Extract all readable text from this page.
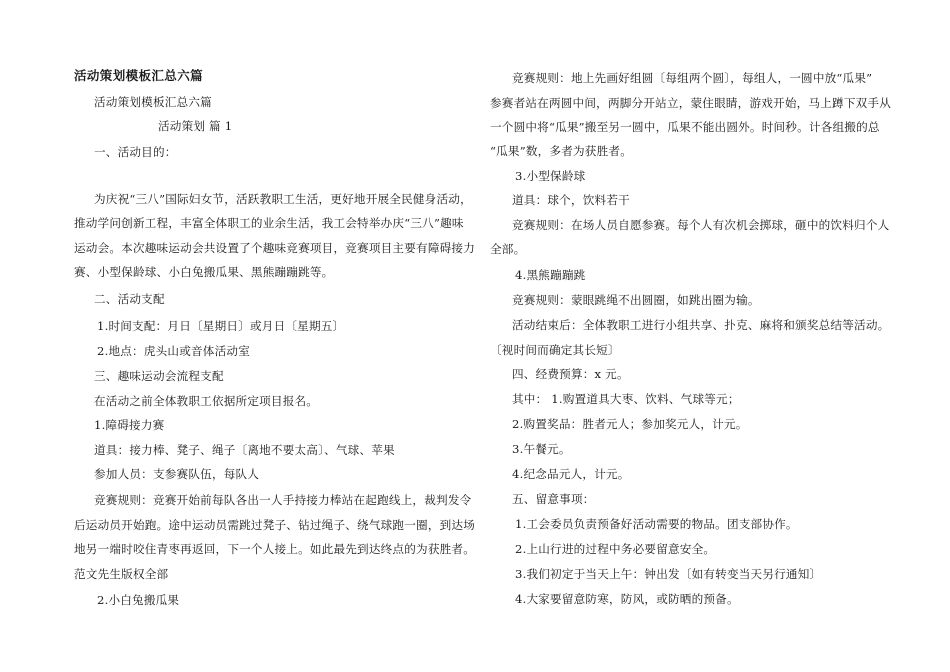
活动策划模板汇总六篇
活动策划模板汇总六篇
活动策划 篇 1
一、活动目的：
为庆祝“三八”国际妇女节，活跃教职工生活，更好地开展全民健身活动，
推动学问创新工程，丰富全体职工的业余生活，我工会特举办庆“三八”趣味
运动会。本次趣味运动会共设置了个趣味竞赛项目，竞赛项目主要有障碍接力
赛、小型保龄球、小白兔搬瓜果、黑熊蹦蹦跳等。
二、活动支配
1.时间支配：月日〔星期日〕或月日〔星期五〕
2.地点：虎头山或音体活动室
三、趣味运动会流程支配
在活动之前全体教职工依据所定项目报名。
1.障碍接力赛
道具：接力棒、凳子、绳子〔离地不要太高〕、气球、苹果
参加人员：支参赛队伍，每队人
竞赛规则：竞赛开始前每队各出一人手持接力棒站在起跑线上，裁判发令
后运动员开始跑。途中运动员需跳过凳子、钻过绳子、绕气球跑一圈，到达场
地另一端时咬住青枣再返回，下一个人接上。如此最先到达终点的为获胜者。
范文先生版权全部
2.小白兔搬瓜果
竞赛规则：地上先画好组圆〔每组两个圆〕，每组人，一圆中放“瓜果”
参赛者站在两圆中间，两脚分开站立，蒙住眼睛，游戏开始，马上蹲下双手从
一个圆中将“瓜果”搬至另一圆中，瓜果不能出圆外。时间秒。计各组搬的总
“瓜果”数，多者为获胜者。
3.小型保龄球
道具：球个，饮料若干
竞赛规则：在场人员自愿参赛。每个人有次机会掷球，砸中的饮料归个人
全部。
4.黑熊蹦蹦跳
竞赛规则：蒙眼跳绳不出圆圈，如跳出圈为输。
活动结束后：全体教职工进行小组共享、扑克、麻将和颁奖总结等活动。
〔视时间而确定其长短〕
四、经费预算：x 元。
其中： 1.购置道具大枣、饮料、气球等元；
2.购置奖品：胜者元人；参加奖元人，计元。
3.午餐元。
4.纪念品元人，计元。
五、留意事项：
1.工会委员负责预备好活动需要的物品。团支部协作。
2.上山行进的过程中务必要留意安全。
3.我们初定于当天上午：钟出发〔如有转变当天另行通知〕
4.大家要留意防寒，防风，或防晒的预备。
